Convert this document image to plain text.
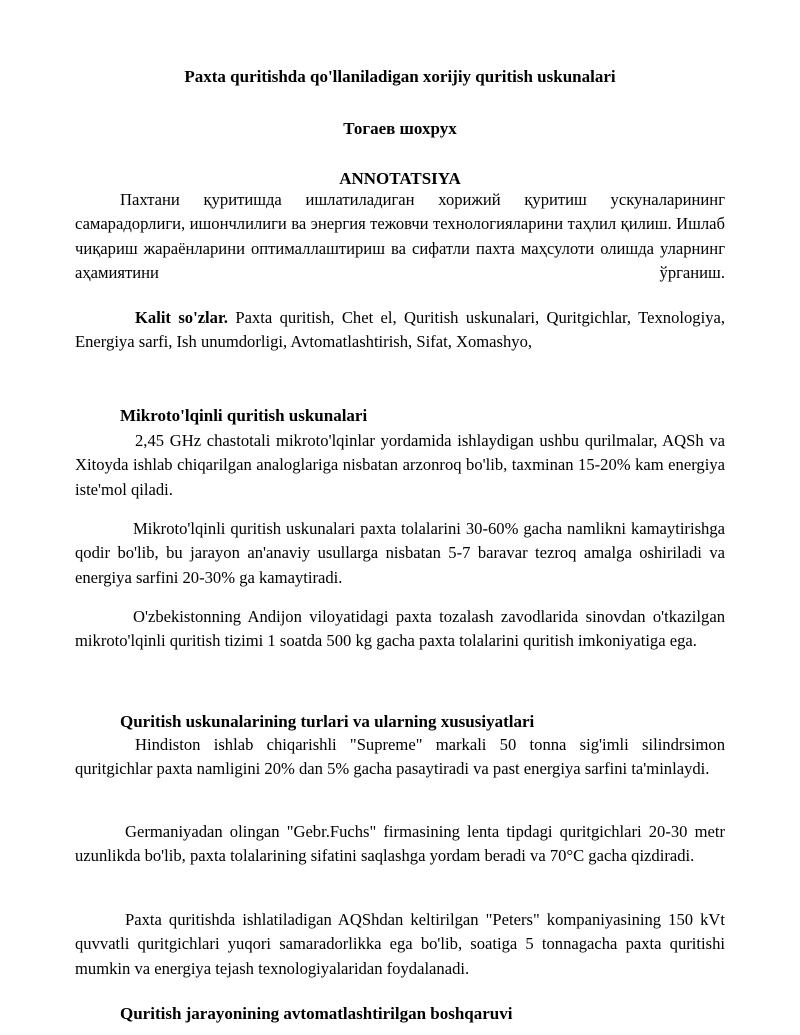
Paxta quritishda qo'llaniladigan xorijiy quritish uskunalari
Тогаев шохрух
ANNOTATSIYA

Пахтани қуритишда ишлатиладиган хорижий қуритиш ускуналарининг самарадорлиги, ишончлилиги ва энергия тежовчи технологияларини таҳлил қилиш. Ишлаб чиқариш жараёнларини оптималлаштириш ва сифатли пахта маҳсулоти олишда уларнинг аҳамиятини ўрганиш.

Kalit so'zlar. Paxta quritish, Chet el, Quritish uskunalari, Quritgichlar, Texnologiya, Energiya sarfi, Ish unumdorligi, Avtomatlashtirish, Sifat, Xomashyo,

Mikroto'lqinli quritish uskunalari

2,45 GHz chastotali mikroto'lqinlar yordamida ishlaydigan ushbu qurilmalar, AQSh va Xitoyda ishlab chiqarilgan analoglariga nisbatan arzonroq bo'lib, taxminan 15-20% kam energiya iste'mol qiladi.

Mikroto'lqinli quritish uskunalari paxta tolalarini 30-60% gacha namlikni kamaytirishga qodir bo'lib, bu jarayon an'anaviy usullarga nisbatan 5-7 baravar tezroq amalga oshiriladi va energiya sarfini 20-30% ga kamaytiradi.

O'zbekistonning Andijon viloyatidagi paxta tozalash zavodlarida sinovdan o'tkazilgan mikroto'lqinli quritish tizimi 1 soatda 500 kg gacha paxta tolalarini quritish imkoniyatiga ega.

Quritish uskunalarining turlari va ularning xususiyatlari

Hindiston ishlab chiqarishli "Supreme" markali 50 tonna sig'imli silindrsimon quritgichlar paxta namligini 20% dan 5% gacha pasaytiradi va past energiya sarfini ta'minlaydi.

Germaniyadan olingan "Gebr.Fuchs" firmasining lenta tipdagi quritgichlari 20-30 metr uzunlikda bo'lib, paxta tolalarining sifatini saqlashga yordam beradi va 70°C gacha qizdiradi.

Paxta quritishda ishlatiladigan AQShdan keltirilgan "Peters" kompaniyasining 150 kVt quvvatli quritgichlari yuqori samaradorlikka ega bo'lib, soatiga 5 tonnagacha paxta quritishi mumkin va energiya tejash texnologiyalaridan foydalanadi.

Quritish jarayonining avtomatlashtirilgan boshqaruvi
